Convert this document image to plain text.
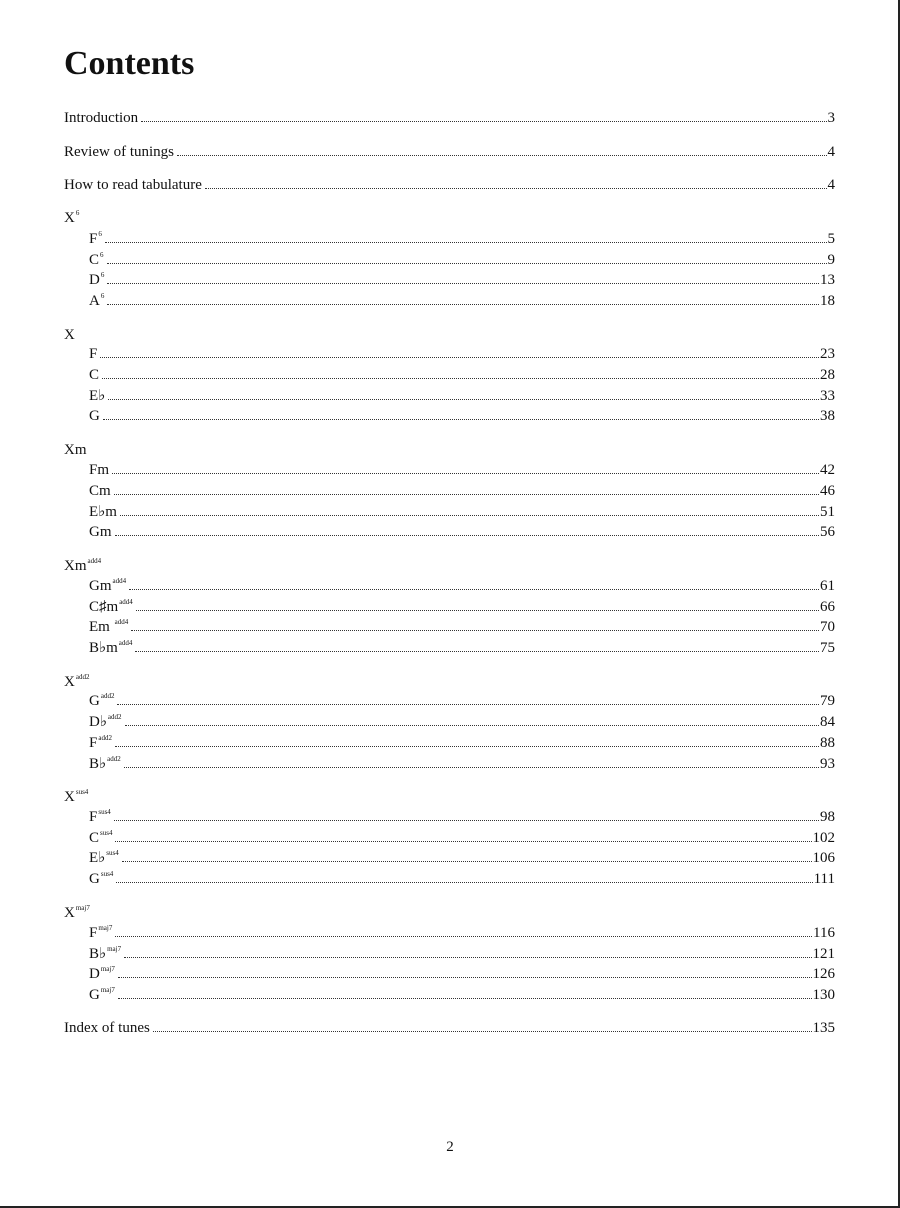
Contents
Introduction	3
Review of tunings	4
How to read tabulature	4
$X^6$
$F^6$	5
$C^6$	9
$D^6$	13
$A^6$	18
X
F	23
C	28
E♭	33
G	38
Xm
Fm	42
Cm	46
E♭m	51
Gm	56
$Xm^{add4}$
$Gm^{add4}$	61
$C♯m^{add4}$	66
Em $^{add4}$	70
$B♭m^{add4}$	75
$X^{add2}$
$G^{add2}$	79
D♭$^{add2}$	84
$F^{add2}$	88
B♭$^{add2}$	93
$X^{sus4}$
$F^{sus4}$	98
$C^{sus4}$	102
E♭$^{sus4}$	106
$G^{sus4}$	111
$X^{maj7}$
$F^{maj7}$	116
B♭$^{maj7}$	121
$D^{maj7}$	126
$G^{maj7}$	130
Index of tunes	135
2
